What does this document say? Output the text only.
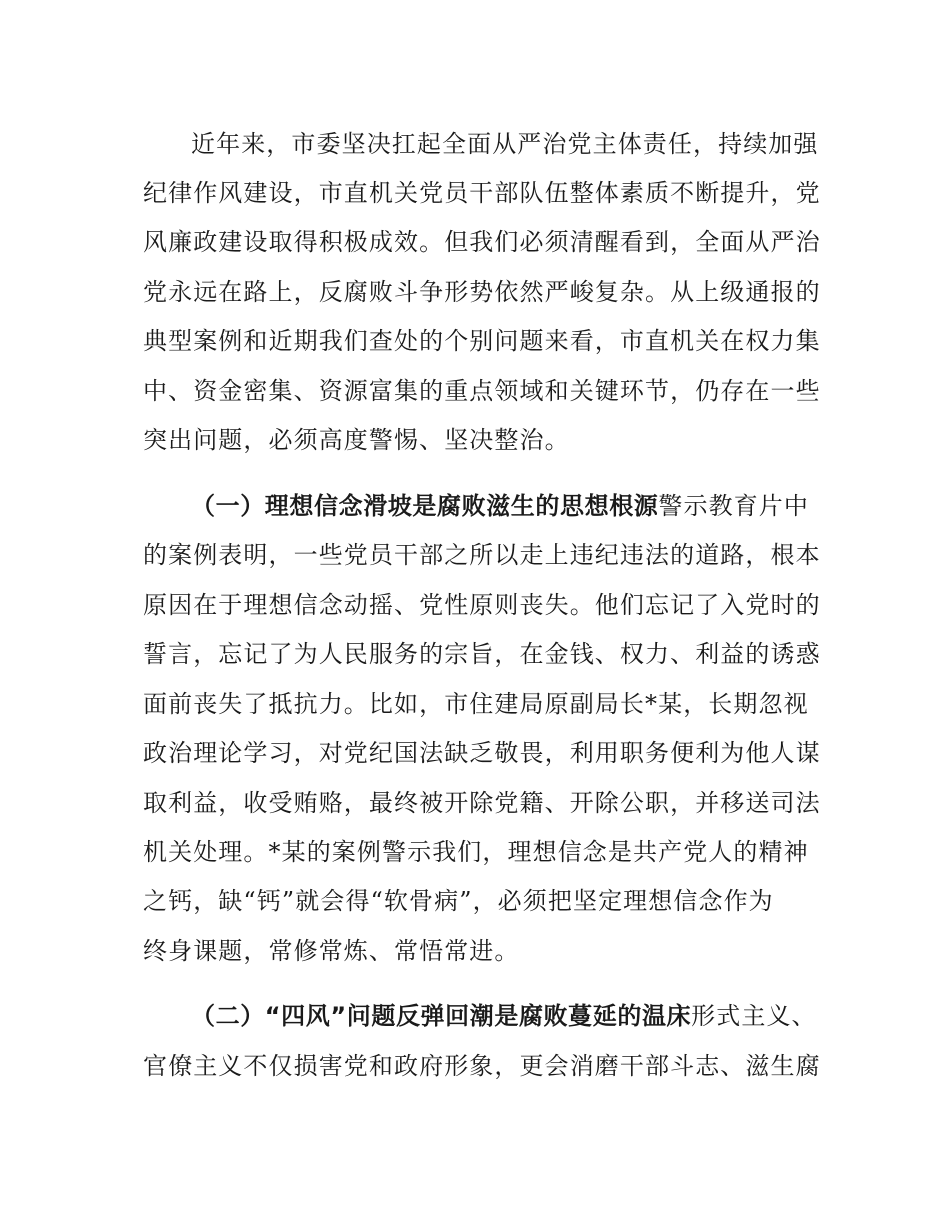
近年来，市委坚决扛起全面从严治党主体责任，持续加强
纪律作风建设，市直机关党员干部队伍整体素质不断提升，党
风廉政建设取得积极成效。但我们必须清醒看到，全面从严治
党永远在路上，反腐败斗争形势依然严峻复杂。从上级通报的
典型案例和近期我们查处的个别问题来看，市直机关在权力集
中、资金密集、资源富集的重点领域和关键环节，仍存在一些
突出问题，必须高度警惕、坚决整治。
（一）理想信念滑坡是腐败滋生的思想根源警示教育片中
的案例表明，一些党员干部之所以走上违纪违法的道路，根本
原因在于理想信念动摇、党性原则丧失。他们忘记了入党时的
誓言，忘记了为人民服务的宗旨，在金钱、权力、利益的诱惑
面前丧失了抵抗力。比如，市住建局原副局长*某，长期忽视
政治理论学习，对党纪国法缺乏敬畏，利用职务便利为他人谋
取利益，收受贿赂，最终被开除党籍、开除公职，并移送司法
机关处理。*某的案例警示我们，理想信念是共产党人的精神
之钙，缺“钙”就会得“软骨病”，必须把坚定理想信念作为
终身课题，常修常炼、常悟常进。
（二）“四风”问题反弹回潮是腐败蔓延的温床形式主义、
官僚主义不仅损害党和政府形象，更会消磨干部斗志、滋生腐
